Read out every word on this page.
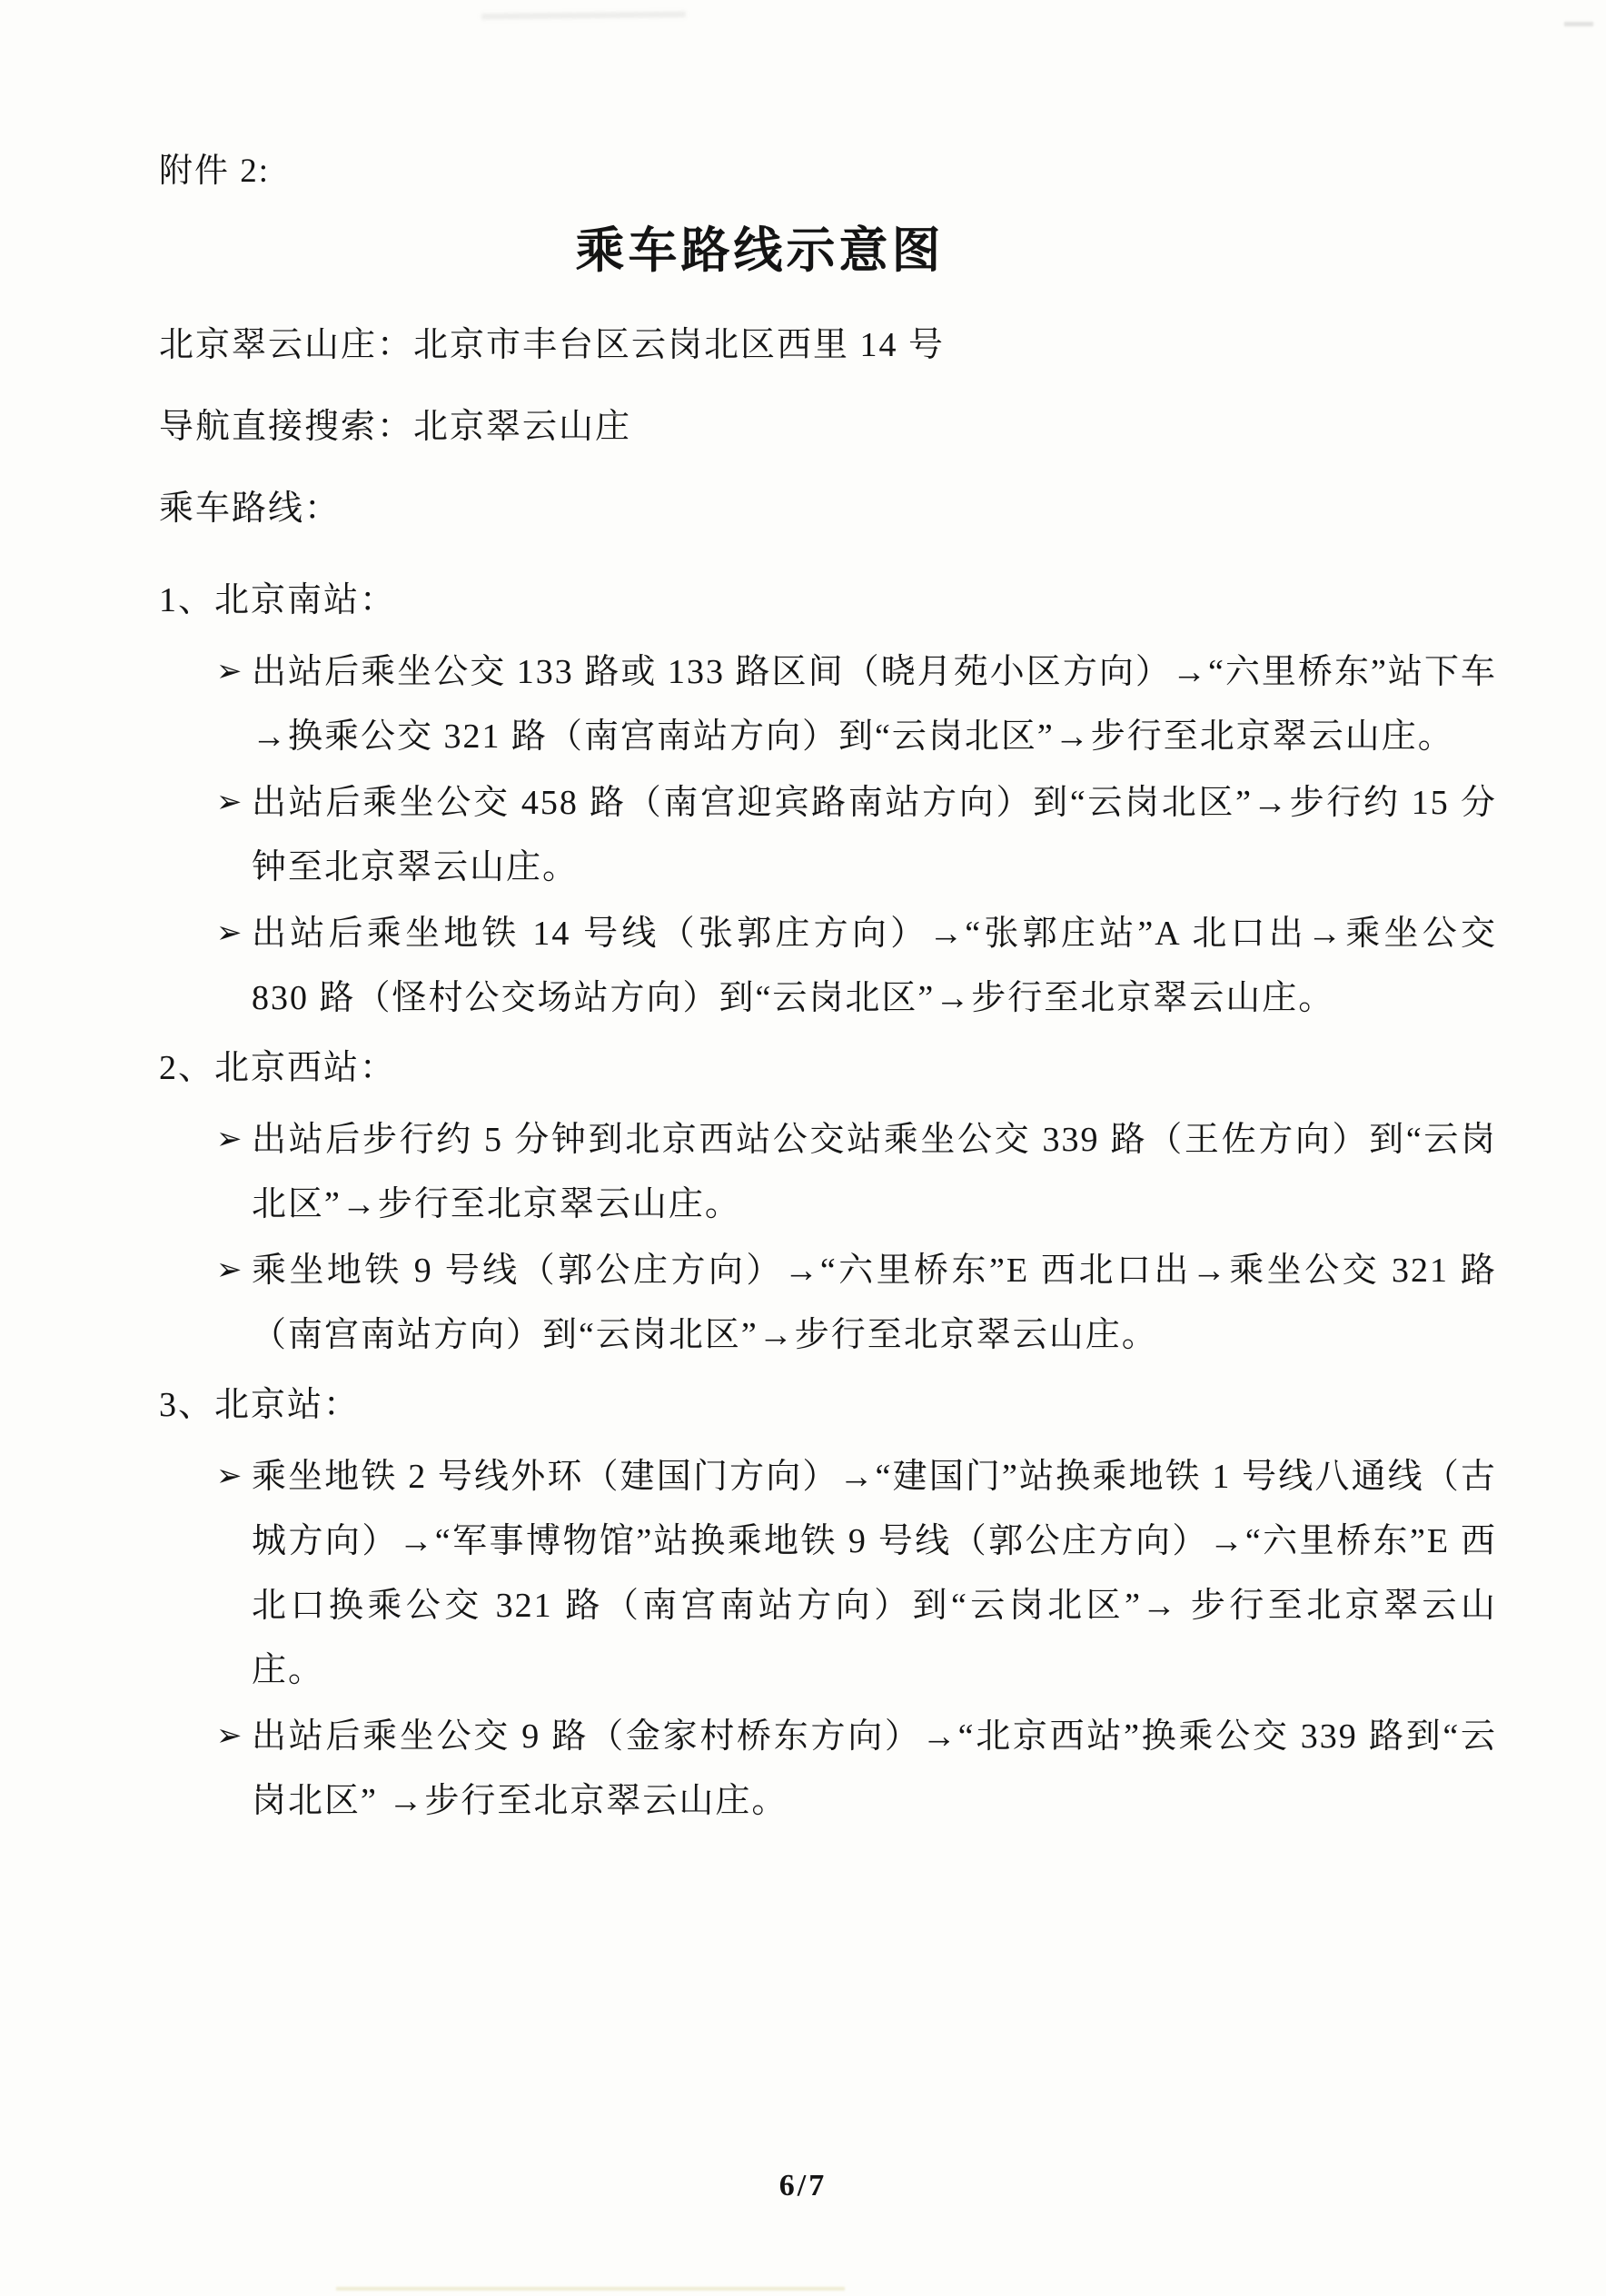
附件 2:

乘车路线示意图

北京翠云山庄：北京市丰台区云岗北区西里 14 号

导航直接搜索：北京翠云山庄

乘车路线：

1、北京南站：
➢ 出站后乘坐公交 133 路或 133 路区间（晓月苑小区方向）→“六里桥东”站下车→换乘公交 321 路（南宫南站方向）到“云岗北区”→步行至北京翠云山庄。
➢ 出站后乘坐公交 458 路（南宫迎宾路南站方向）到“云岗北区”→步行约 15 分钟至北京翠云山庄。
➢ 出站后乘坐地铁 14 号线（张郭庄方向）→“张郭庄站”A 北口出→乘坐公交 830 路（怪村公交场站方向）到“云岗北区”→步行至北京翠云山庄。
2、北京西站：
➢ 出站后步行约 5 分钟到北京西站公交站乘坐公交 339 路（王佐方向）到“云岗北区”→步行至北京翠云山庄。
➢ 乘坐地铁 9 号线（郭公庄方向）→“六里桥东”E 西北口出→乘坐公交 321 路（南宫南站方向）到“云岗北区”→步行至北京翠云山庄。
3、北京站：
➢ 乘坐地铁 2 号线外环（建国门方向）→“建国门”站换乘地铁 1 号线八通线（古城方向）→“军事博物馆”站换乘地铁 9 号线（郭公庄方向）→“六里桥东”E 西北口换乘公交 321 路（南宫南站方向）到“云岗北区”→ 步行至北京翠云山庄。
➢ 出站后乘坐公交 9 路（金家村桥东方向）→“北京西站”换乘公交 339 路到“云岗北区” →步行至北京翠云山庄。
6/7
